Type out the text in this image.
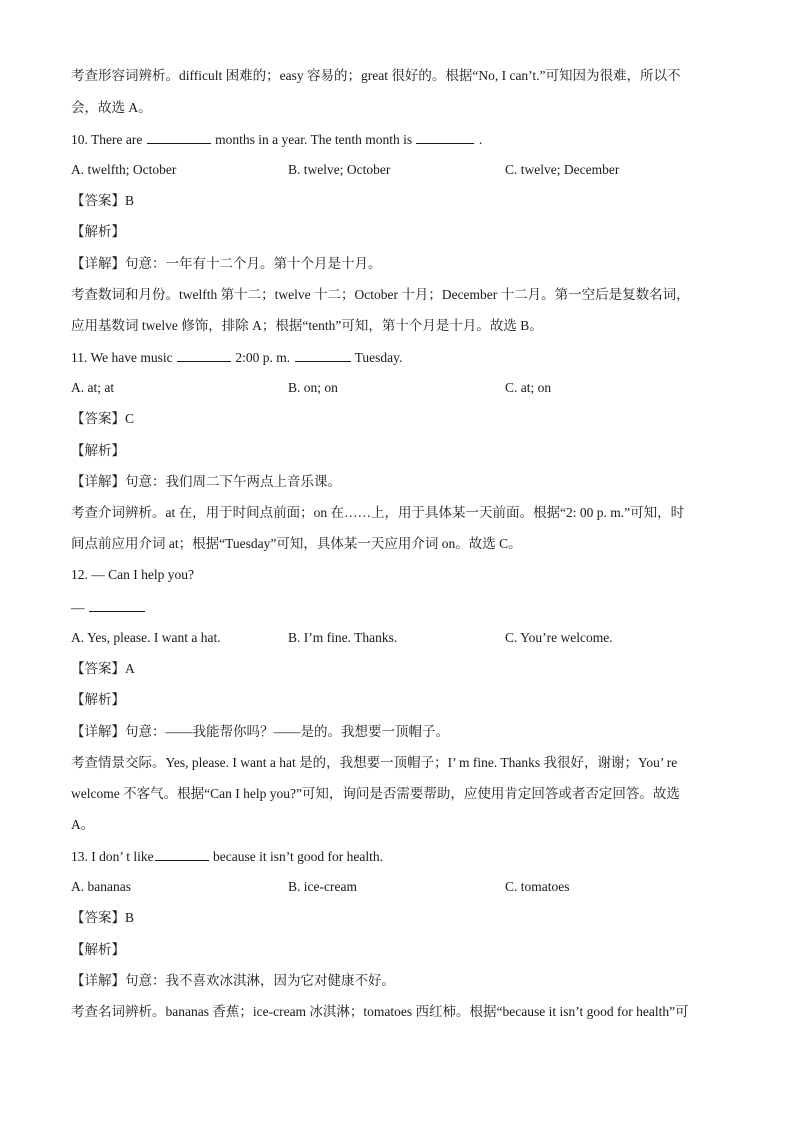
考查形容词辨析。difficult 困难的；easy 容易的；great 很好的。根据“No, I can’t.”可知因为很难，所以不
会，故选 A。
10. There are	months in a year. The tenth month is	.
A. twelfth; October	B. twelve; October	C. twelve; December
【答案】B
【解析】
【详解】句意：一年有十二个月。第十个月是十月。
考查数词和月份。twelfth 第十二；twelve 十二；October 十月；December 十二月。第一空后是复数名词，
应用基数词 twelve 修饰，排除 A；根据“tenth”可知，第十个月是十月。故选 B。
11. We have music	2:00 p. m.	Tuesday.
A. at; at	B. on; on	C. at; on
【答案】C
【解析】
【详解】句意：我们周二下午两点上音乐课。
考查介词辨析。at 在，用于时间点前面；on 在……上，用于具体某一天前面。根据“2: 00 p. m.”可知，时
间点前应用介词 at；根据“Tuesday”可知，具体某一天应用介词 on。故选 C。
12. — Can I help you?
—
A. Yes, please. I want a hat.	B. I’m fine. Thanks.	C. You’re welcome.
【答案】A
【解析】
【详解】句意：——我能帮你吗？——是的。我想要一顶帽子。
考查情景交际。Yes, please. I want a hat 是的，我想要一顶帽子；I’ m fine. Thanks 我很好，谢谢；You’ re
welcome 不客气。根据“Can I help you?”可知，询问是否需要帮助，应使用肯定回答或者否定回答。故选
A。
13. I don’ t like	because it isn’t good for health.
A. bananas	B. ice-cream	C. tomatoes
【答案】B
【解析】
【详解】句意：我不喜欢冰淇淋，因为它对健康不好。
考查名词辨析。bananas 香蕉；ice-cream 冰淇淋；tomatoes 西红柿。根据“because it isn’t good for health”可
